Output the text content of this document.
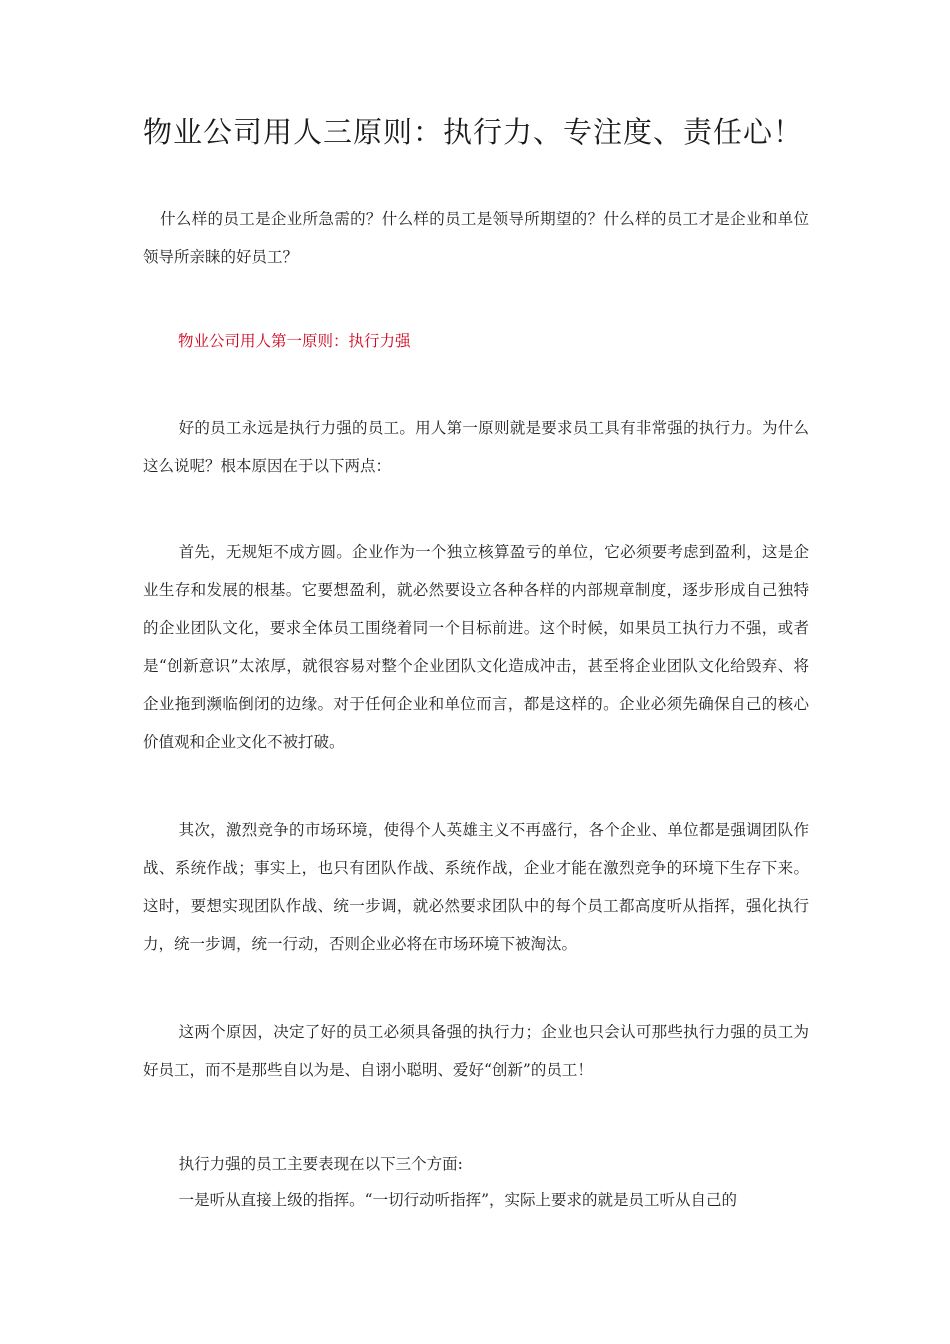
物业公司用人三原则：执行力、专注度、责任心！

什么样的员工是企业所急需的？什么样的员工是领导所期望的？什么样的员工才是企业和单位领导所亲睐的好员工？

物业公司用人第一原则：执行力强

好的员工永远是执行力强的员工。用人第一原则就是要求员工具有非常强的执行力。为什么这么说呢？根本原因在于以下两点：

首先，无规矩不成方圆。企业作为一个独立核算盈亏的单位，它必须要考虑到盈利，这是企业生存和发展的根基。它要想盈利，就必然要设立各种各样的内部规章制度，逐步形成自己独特的企业团队文化，要求全体员工围绕着同一个目标前进。这个时候，如果员工执行力不强，或者是“创新意识”太浓厚，就很容易对整个企业团队文化造成冲击，甚至将企业团队文化给毁弃、将企业拖到濒临倒闭的边缘。对于任何企业和单位而言，都是这样的。企业必须先确保自己的核心价值观和企业文化不被打破。

其次，激烈竞争的市场环境，使得个人英雄主义不再盛行，各个企业、单位都是强调团队作战、系统作战；事实上，也只有团队作战、系统作战，企业才能在激烈竞争的环境下生存下来。这时，要想实现团队作战、统一步调，就必然要求团队中的每个员工都高度听从指挥，强化执行力，统一步调，统一行动，否则企业必将在市场环境下被淘汰。

这两个原因，决定了好的员工必须具备强的执行力；企业也只会认可那些执行力强的员工为好员工，而不是那些自以为是、自诩小聪明、爱好“创新”的员工！

执行力强的员工主要表现在以下三个方面:

一是听从直接上级的指挥。“一切行动听指挥”，实际上要求的就是员工听从自己的
